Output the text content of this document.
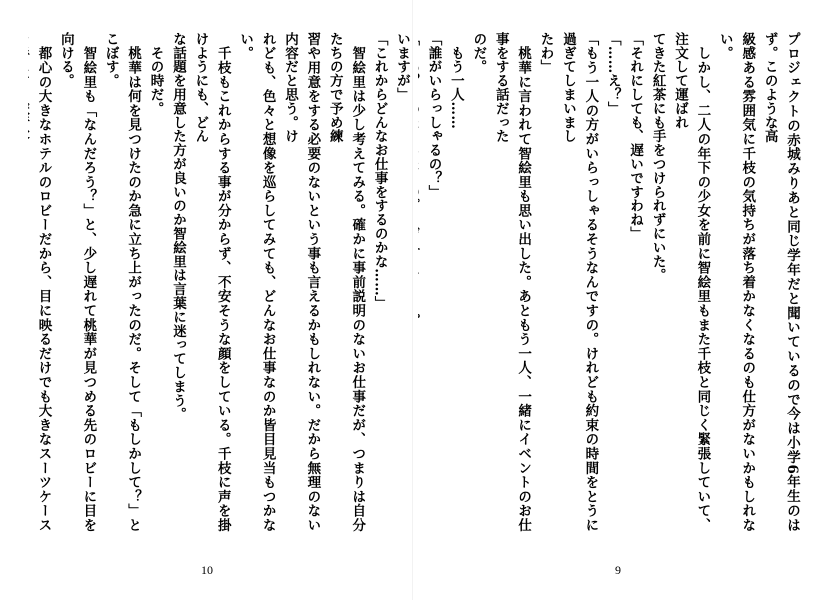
いますが」

「これからどんなお仕事をするのかな……」

　智絵里は少し考えてみる。確かに事前説明のないお仕事だが、つまりは自分たちの方で予め練

習や用意をする必要のないという事も言えるかもしれない。だから無理のない内容だと思う。け

れども、色々と想像を巡らしてみても、どんなお仕事なのか皆目見当もつかない。

　千枝もこれからする事が分からず、不安そうな顔をしている。千枝に声を掛けようにも、どん

な話題を用意した方が良いのか智絵里は言葉に迷ってしまう。

　その時だ。

　桃華は何を見つけたのか急に立ち上がったのだ。そして「もしかして？」とこぼす。

　智絵里も「なんだろう？」と、少し遅れて桃華が見つめる先のロビーに目を向ける。

　都心の大きなホテルのロビーだから、目に映るだけでも大きなスーツケース

10

プロジェクトの赤城みりあと同じ学年だと聞いているので今は小学6年生のはず。このような高

級感ある雰囲気に千枝の気持ちが落ち着かなくなるのも仕方がないかもしれない。

　しかし、二人の年下の少女を前に智絵里もまた千枝と同じく緊張していて、注文して運ばれ

てきた紅茶にも手をつけられずにいた。

「それにしても、遅いですわね」

「……え？」

「もう一人の方がいらっしゃるそうなんですの。けれども約束の時間をとうに過ぎてしまいまし

たわ」

　桃華に言われて智絵里も思い出した。あともう一人、一緒にイベントのお仕事をする話だった

のだ。

　もう一人……

「誰がいらっしゃるの？」

9
